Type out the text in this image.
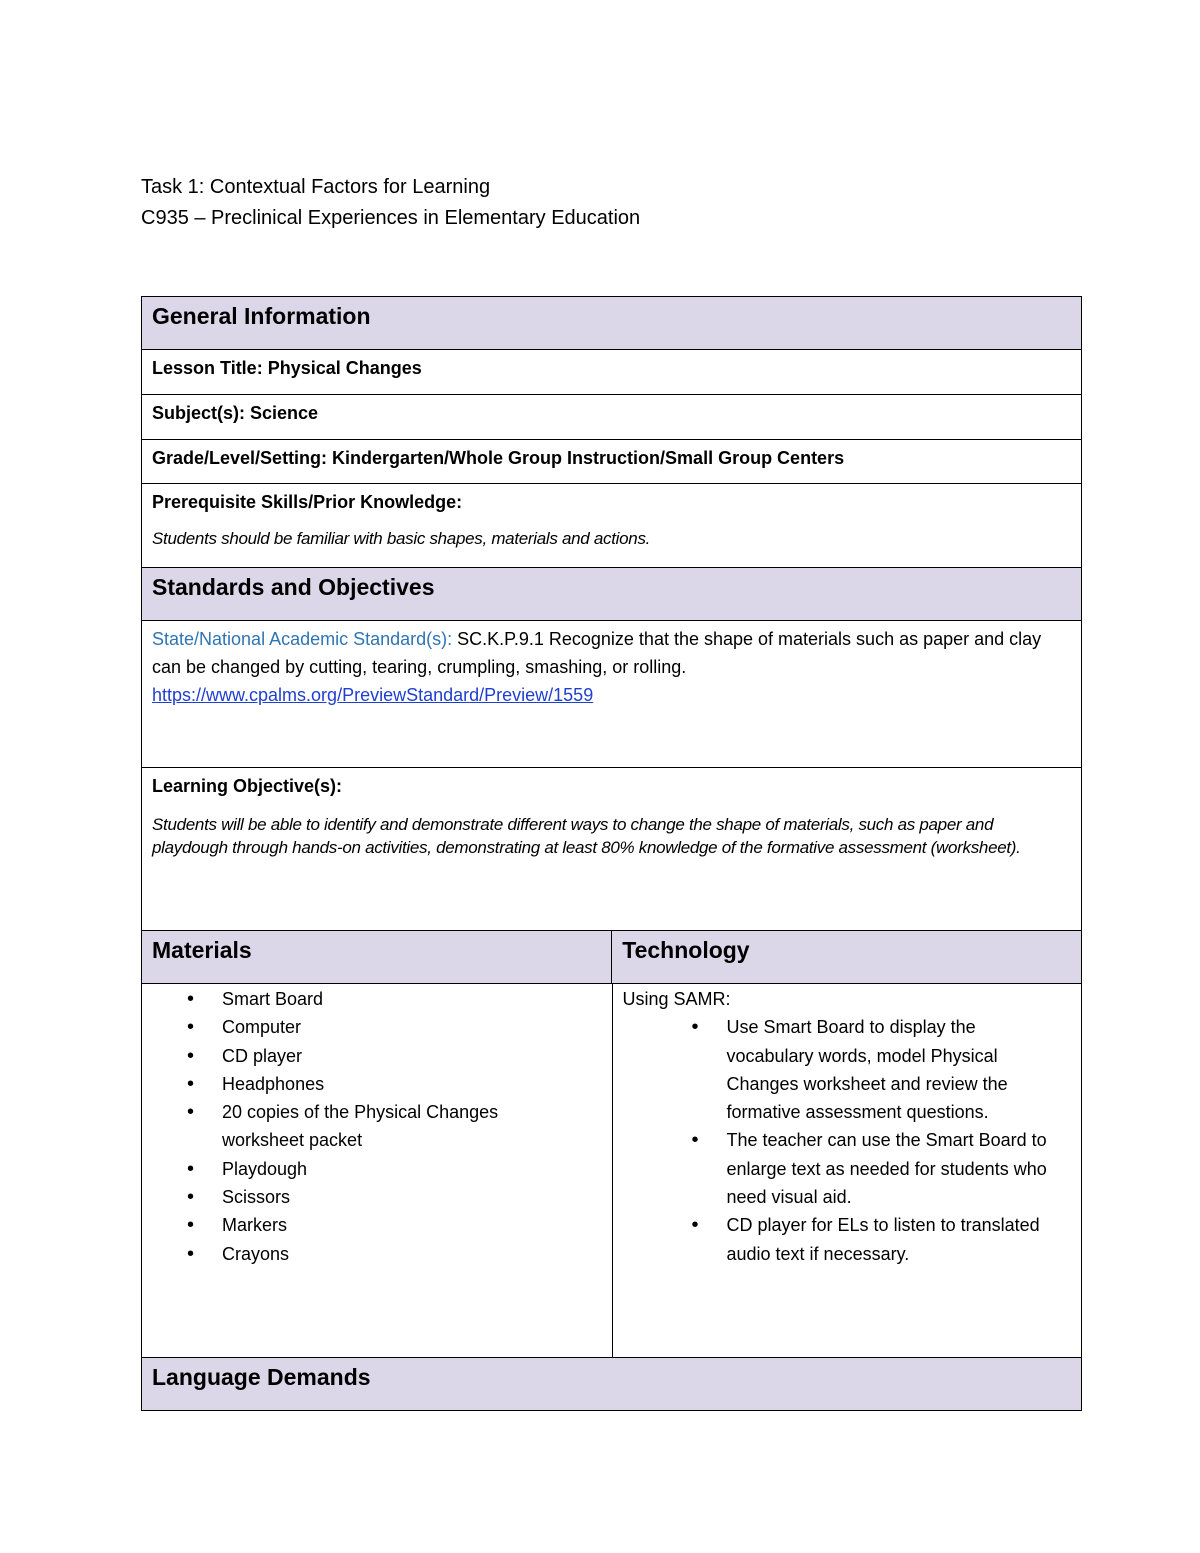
Task 1: Contextual Factors for Learning
C935 – Preclinical Experiences in Elementary Education
General Information
Lesson Title: Physical Changes
Subject(s): Science
Grade/Level/Setting: Kindergarten/Whole Group Instruction/Small Group Centers
Prerequisite Skills/Prior Knowledge:
Students should be familiar with basic shapes, materials and actions.
Standards and Objectives
State/National Academic Standard(s): SC.K.P.9.1 Recognize that the shape of materials such as paper and clay can be changed by cutting, tearing, crumpling, smashing, or rolling.
https://www.cpalms.org/PreviewStandard/Preview/1559
Learning Objective(s):
Students will be able to identify and demonstrate different ways to change the shape of materials, such as paper and playdough through hands-on activities, demonstrating at least 80% knowledge of the formative assessment (worksheet).
Materials	Technology
• Smart Board
• Computer
• CD player
• Headphones
• 20 copies of the Physical Changes worksheet packet
• Playdough
• Scissors
• Markers
• Crayons
Using SAMR:
• Use Smart Board to display the vocabulary words, model Physical Changes worksheet and review the formative assessment questions.
• The teacher can use the Smart Board to enlarge text as needed for students who need visual aid.
• CD player for ELs to listen to translated audio text if necessary.
Language Demands
